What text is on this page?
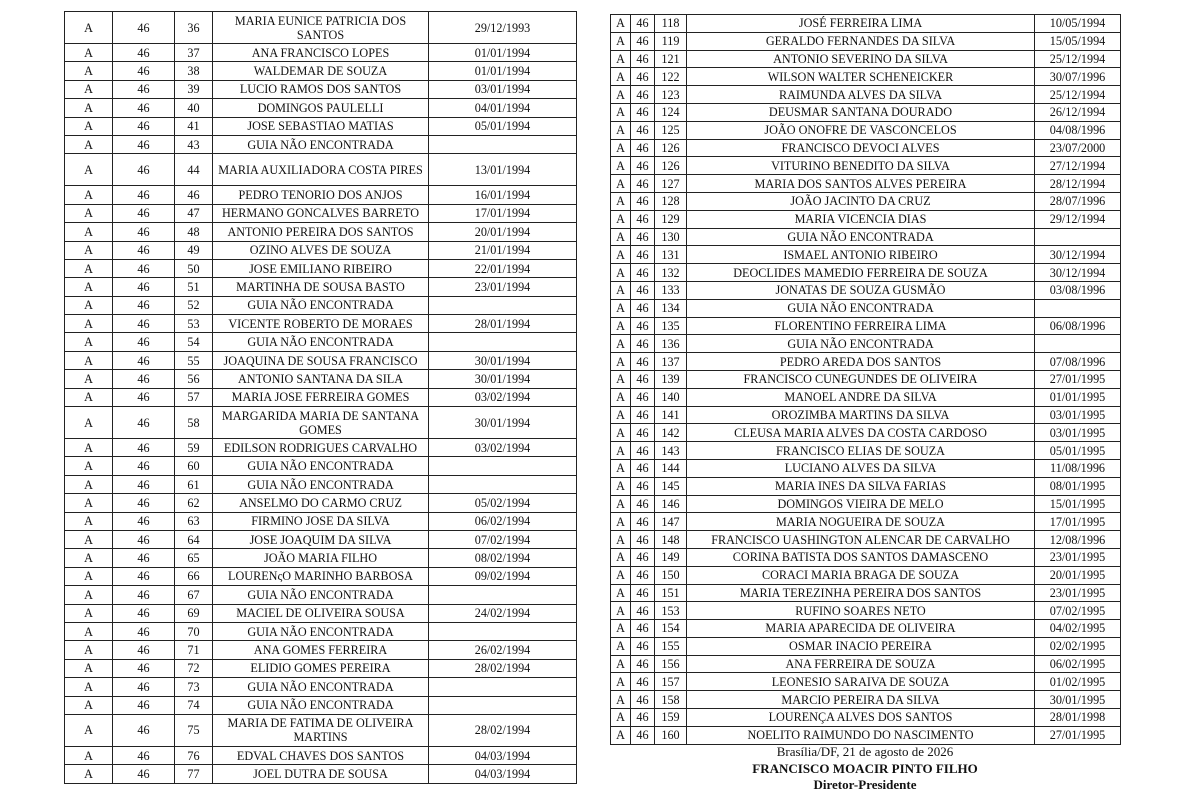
A	46	36	MARIA EUNICE PATRICIA DOS SANTOS	29/12/1993
A	46	37	ANA FRANCISCO LOPES	01/01/1994
A	46	38	WALDEMAR DE SOUZA	01/01/1994
A	46	39	LUCIO RAMOS DOS SANTOS	03/01/1994
A	46	40	DOMINGOS PAULELLI	04/01/1994
A	46	41	JOSE SEBASTIAO MATIAS	05/01/1994
A	46	43	GUIA NÃO ENCONTRADA	
A	46	44	MARIA AUXILIADORA COSTA PIRES	13/01/1994
A	46	46	PEDRO TENORIO DOS ANJOS	16/01/1994
A	46	47	HERMANO GONCALVES BARRETO	17/01/1994
A	46	48	ANTONIO PEREIRA DOS SANTOS	20/01/1994
A	46	49	OZINO ALVES DE SOUZA	21/01/1994
A	46	50	JOSE EMILIANO RIBEIRO	22/01/1994
A	46	51	MARTINHA DE SOUSA BASTO	23/01/1994
A	46	52	GUIA NÃO ENCONTRADA	
A	46	53	VICENTE ROBERTO DE MORAES	28/01/1994
A	46	54	GUIA NÃO ENCONTRADA	
A	46	55	JOAQUINA DE SOUSA FRANCISCO	30/01/1994
A	46	56	ANTONIO SANTANA DA SILA	30/01/1994
A	46	57	MARIA JOSE FERREIRA GOMES	03/02/1994
A	46	58	MARGARIDA MARIA DE SANTANA GOMES	30/01/1994
A	46	59	EDILSON RODRIGUES CARVALHO	03/02/1994
A	46	60	GUIA NÃO ENCONTRADA	
A	46	61	GUIA NÃO ENCONTRADA	
A	46	62	ANSELMO DO CARMO CRUZ	05/02/1994
A	46	63	FIRMINO JOSE DA SILVA	06/02/1994
A	46	64	JOSE JOAQUIM DA SILVA	07/02/1994
A	46	65	JOÃO MARIA FILHO	08/02/1994
A	46	66	LOURENςO MARINHO BARBOSA	09/02/1994
A	46	67	GUIA NÃO ENCONTRADA	
A	46	69	MACIEL DE OLIVEIRA SOUSA	24/02/1994
A	46	70	GUIA NÃO ENCONTRADA	
A	46	71	ANA GOMES FERREIRA	26/02/1994
A	46	72	ELIDIO GOMES PEREIRA	28/02/1994
A	46	73	GUIA NÃO ENCONTRADA	
A	46	74	GUIA NÃO ENCONTRADA	
A	46	75	MARIA DE FATIMA DE OLIVEIRA MARTINS	28/02/1994
A	46	76	EDVAL CHAVES DOS SANTOS	04/03/1994
A	46	77	JOEL DUTRA DE SOUSA	04/03/1994
A	46	118	JOSÉ FERREIRA LIMA	10/05/1994
A	46	119	GERALDO FERNANDES DA SILVA	15/05/1994
A	46	121	ANTONIO SEVERINO DA SILVA	25/12/1994
A	46	122	WILSON WALTER SCHENEICKER	30/07/1996
A	46	123	RAIMUNDA ALVES DA SILVA	25/12/1994
A	46	124	DEUSMAR SANTANA DOURADO	26/12/1994
A	46	125	JOÃO ONOFRE DE VASCONCELOS	04/08/1996
A	46	126	FRANCISCO DEVOCI ALVES	23/07/2000
A	46	126	VITURINO BENEDITO DA SILVA	27/12/1994
A	46	127	MARIA DOS SANTOS ALVES PEREIRA	28/12/1994
A	46	128	JOÃO JACINTO DA CRUZ	28/07/1996
A	46	129	MARIA VICENCIA DIAS	29/12/1994
A	46	130	GUIA NÃO ENCONTRADA	
A	46	131	ISMAEL ANTONIO RIBEIRO	30/12/1994
A	46	132	DEOCLIDES MAMEDIO FERREIRA DE SOUZA	30/12/1994
A	46	133	JONATAS DE SOUZA GUSMÃO	03/08/1996
A	46	134	GUIA NÃO ENCONTRADA	
A	46	135	FLORENTINO FERREIRA LIMA	06/08/1996
A	46	136	GUIA NÃO ENCONTRADA	
A	46	137	PEDRO AREDA DOS SANTOS	07/08/1996
A	46	139	FRANCISCO CUNEGUNDES DE OLIVEIRA	27/01/1995
A	46	140	MANOEL ANDRE DA SILVA	01/01/1995
A	46	141	OROZIMBA MARTINS DA SILVA	03/01/1995
A	46	142	CLEUSA MARIA ALVES DA COSTA CARDOSO	03/01/1995
A	46	143	FRANCISCO ELIAS DE SOUZA	05/01/1995
A	46	144	LUCIANO ALVES DA SILVA	11/08/1996
A	46	145	MARIA INES DA SILVA FARIAS	08/01/1995
A	46	146	DOMINGOS VIEIRA DE MELO	15/01/1995
A	46	147	MARIA NOGUEIRA DE SOUZA	17/01/1995
A	46	148	FRANCISCO UASHINGTON ALENCAR DE CARVALHO	12/08/1996
A	46	149	CORINA BATISTA DOS SANTOS DAMASCENO	23/01/1995
A	46	150	CORACI MARIA BRAGA DE SOUZA	20/01/1995
A	46	151	MARIA TEREZINHA PEREIRA DOS SANTOS	23/01/1995
A	46	153	RUFINO SOARES NETO	07/02/1995
A	46	154	MARIA APARECIDA DE OLIVEIRA	04/02/1995
A	46	155	OSMAR INACIO PEREIRA	02/02/1995
A	46	156	ANA FERREIRA DE SOUZA	06/02/1995
A	46	157	LEONESIO SARAIVA DE SOUZA	01/02/1995
A	46	158	MARCIO PEREIRA DA SILVA	30/01/1995
A	46	159	LOURENÇA ALVES DOS SANTOS	28/01/1998
A	46	160	NOELITO RAIMUNDO DO NASCIMENTO	27/01/1995
Brasília/DF, 21 de agosto de 2026
FRANCISCO MOACIR PINTO FILHO
Diretor-Presidente
